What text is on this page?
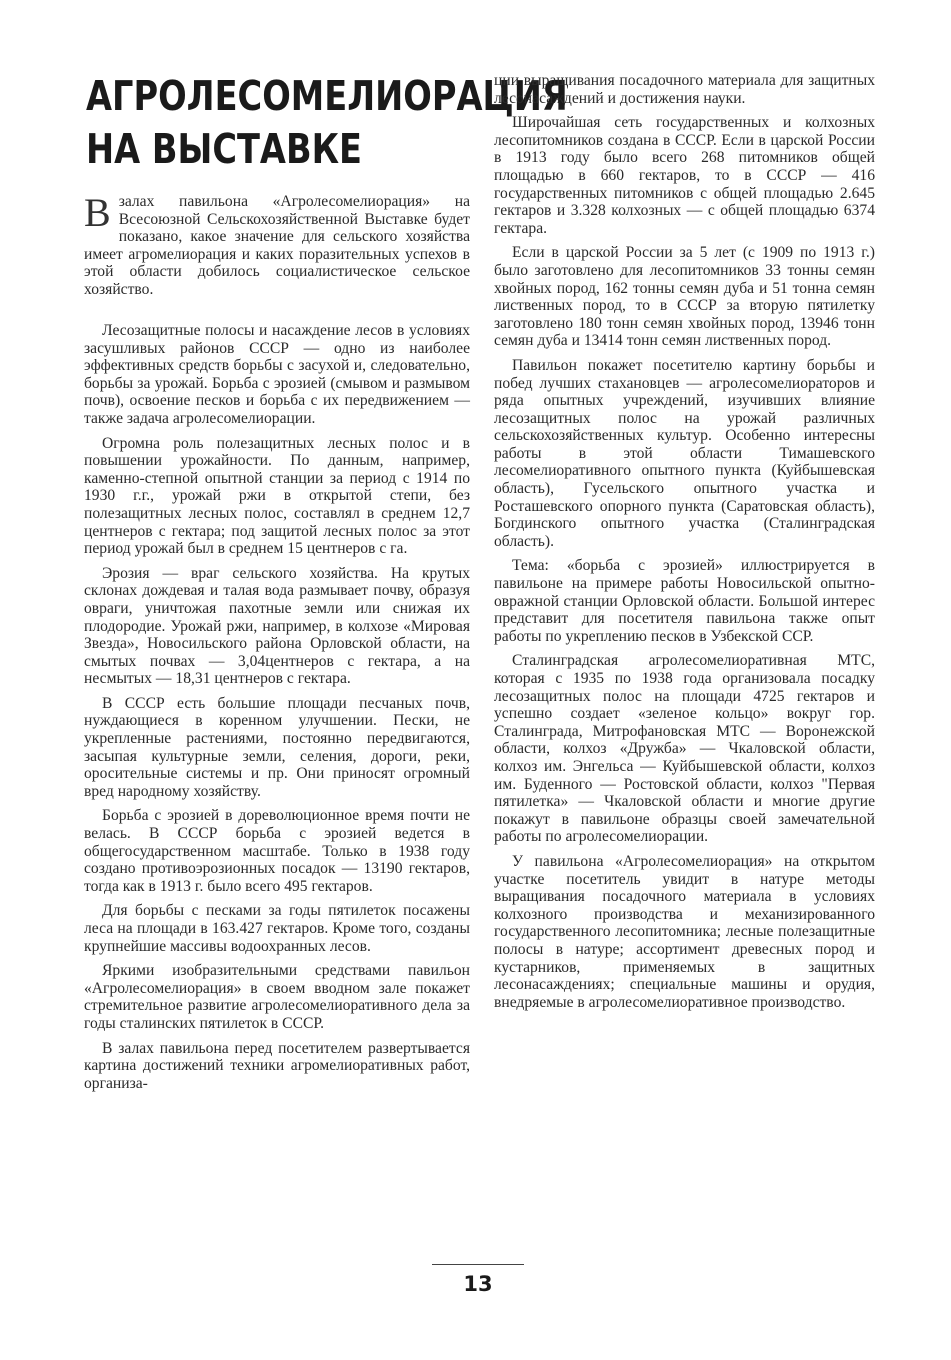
АГРОЛЕСОМЕЛИОРАЦИЯ
НА ВЫСТАВКЕ

В залах павильона «Агролесомелиорация» на Всесоюзной Сельскохозяйственной Выставке будет показано, какое значение для сельского хозяйства имеет агромелиорация и каких поразительных успехов в этой области добилось социалистическое сельское хозяйство.

Лесозащитные полосы и насаждение лесов в условиях засушливых районов СССР — одно из наиболее эффективных средств борьбы с засухой и, следовательно, борьбы за урожай. Борьба с эрозией (смывом и размывом почв), освоение песков и борьба с их передвижением — также задача агролесомелиорации.

Огромна роль полезащитных лесных полос и в повышении урожайности. По данным, например, каменно-степной опытной станции за период с 1914 по 1930 г.г., урожай ржи в открытой степи, без полезащитных лесных полос, составлял в среднем 12,7 центнеров с гектара; под защитой лесных полос за этот период урожай был в среднем 15 центнеров с га.

Эрозия — враг сельского хозяйства. На крутых склонах дождевая и талая вода размывает почву, образуя овраги, уничтожая пахотные земли или снижая их плодородие. Урожай ржи, например, в колхозе «Мировая Звезда», Новосильского района Орловской области, на смытых почвах — 3,04центнеров с гектара, а на несмытых — 18,31 центнеров с гектара.

В СССР есть большие площади песчаных почв, нуждающиеся в коренном улучшении. Пески, не укрепленные растениями, постоянно передвигаются, засыпая культурные земли, селения, дороги, реки, оросительные системы и пр. Они приносят огромный вред народному хозяйству.

Борьба с эрозией в дореволюционное время почти не велась. В СССР борьба с эрозией ведется в общегосударственном масштабе. Только в 1938 году создано противоэрозионных посадок — 13190 гектаров, тогда как в 1913 г. было всего 495 гектаров.

Для борьбы с песками за годы пятилеток посажены леса на площади в 163.427 гектаров. Кроме того, созданы крупнейшие массивы водоохранных лесов.

Яркими изобразительными средствами павильон «Агролесомелиорация» в своем вводном зале покажет стремительное развитие агролесомелиоративного дела за годы сталинских пятилеток в СССР.

В залах павильона перед посетителем развертывается картина достижений техники агромелиоративных работ, организа-

ции выращивания посадочного материала для защитных лесонасаждений и достижения науки.

Широчайшая сеть государственных и колхозных лесопитомников создана в СССР. Если в царской России в 1913 году было всего 268 питомников общей площадью в 660 гектаров, то в СССР — 416 государственных питомников с общей площадью 2.645 гектаров и 3.328 колхозных — с общей площадью 6374 гектара.

Если в царской России за 5 лет (с 1909 по 1913 г.) было заготовлено для лесопитомников 33 тонны семян хвойных пород, 162 тонны семян дуба и 51 тонна семян лиственных пород, то в СССР за вторую пятилетку заготовлено 180 тонн семян хвойных пород, 13946 тонн семян дуба и 13414 тонн семян лиственных пород.

Павильон покажет посетителю картину борьбы и побед лучших стахановцев — агролесомелиораторов и ряда опытных учреждений, изучивших влияние лесозащитных полос на урожай различных сельскохозяйственных культур. Особенно интересны работы в этой области Тимашевского лесомелиоративного опытного пункта (Куйбышевская область), Гусельского опытного участка и Росташевского опорного пункта (Саратовская область), Богдинского опытного участка (Сталинградская область).

Тема: «борьба с эрозией» иллюстрируется в павильоне на примере работы Новосильской опытно-овражной станции Орловской области. Большой интерес представит для посетителя павильона также опыт работы по укреплению песков в Узбекской ССР.

Сталинградская агролесомелиоративная МТС, которая с 1935 по 1938 года организовала посадку лесозащитных полос на площади 4725 гектаров и успешно создает «зеленое кольцо» вокруг гор. Сталинграда, Митрофановская МТС — Воронежской области, колхоз «Дружба» — Чкаловской области, колхоз им. Энгельса — Куйбышевской области, колхоз им. Буденного — Ростовской области, колхоз "Первая пятилетка» — Чкаловской области и многие другие покажут в павильоне образцы своей замечательной работы по агролесомелиорации.

У павильона «Агролесомелиорация» на открытом участке посетитель увидит в натуре методы выращивания посадочного материала в условиях колхозного производства и механизированного государственного лесопитомника; лесные полезащитные полосы в натуре; ассортимент древесных пород и кустарников, применяемых в защитных лесонасаждениях; специальные машины и орудия, внедряемые в агролесомелиоративное производство.

13
